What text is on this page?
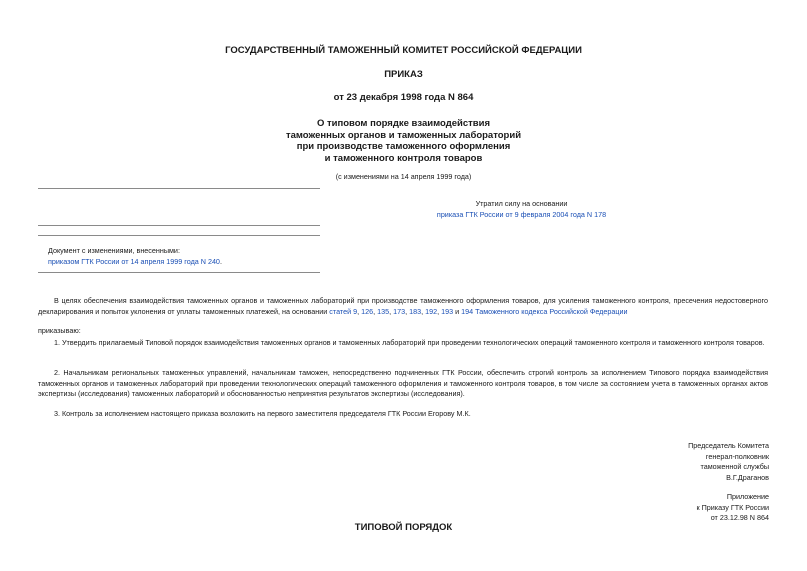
ГОСУДАРСТВЕННЫЙ ТАМОЖЕННЫЙ КОМИТЕТ РОССИЙСКОЙ ФЕДЕРАЦИИ
ПРИКАЗ
от 23 декабря 1998 года N 864
О типовом порядке взаимодействия
таможенных органов и таможенных лабораторий
при производстве таможенного оформления
и таможенного контроля товаров
(с изменениями на 14 апреля 1999 года)
Утратил силу на основании
приказа ГТК России от 9 февраля 2004 года N 178
Документ с изменениями, внесенными:
приказом ГТК России от 14 апреля 1999 года N 240.
В целях обеспечения взаимодействия таможенных органов и таможенных лабораторий при производстве таможенного оформления товаров, для усиления таможенного контроля, пресечения недостоверного декларирования и попыток уклонения от уплаты таможенных платежей, на основании статей 9, 126, 135, 173, 183, 192, 193 и 194 Таможенного кодекса Российской Федерации
приказываю:
1. Утвердить прилагаемый Типовой порядок взаимодействия таможенных органов и таможенных лабораторий при проведении технологических операций таможенного контроля и таможенного контроля товаров.
2. Начальникам региональных таможенных управлений, начальникам таможен, непосредственно подчиненных ГТК России, обеспечить строгий контроль за исполнением Типового порядка взаимодействия таможенных органов и таможенных лабораторий при проведении технологических операций таможенного оформления и таможенного контроля товаров, в том числе за состоянием учета в таможенных органах актов экспертизы (исследования) таможенных лабораторий и обоснованностью непринятия результатов экспертизы (исследования).
3. Контроль за исполнением настоящего приказа возложить на первого заместителя председателя ГТК России Егорову М.К.
Председатель Комитета
генерал-полковник
таможенной службы
В.Г.Драганов
Приложение
к Приказу ГТК России
от 23.12.98 N 864
ТИПОВОЙ ПОРЯДОК
